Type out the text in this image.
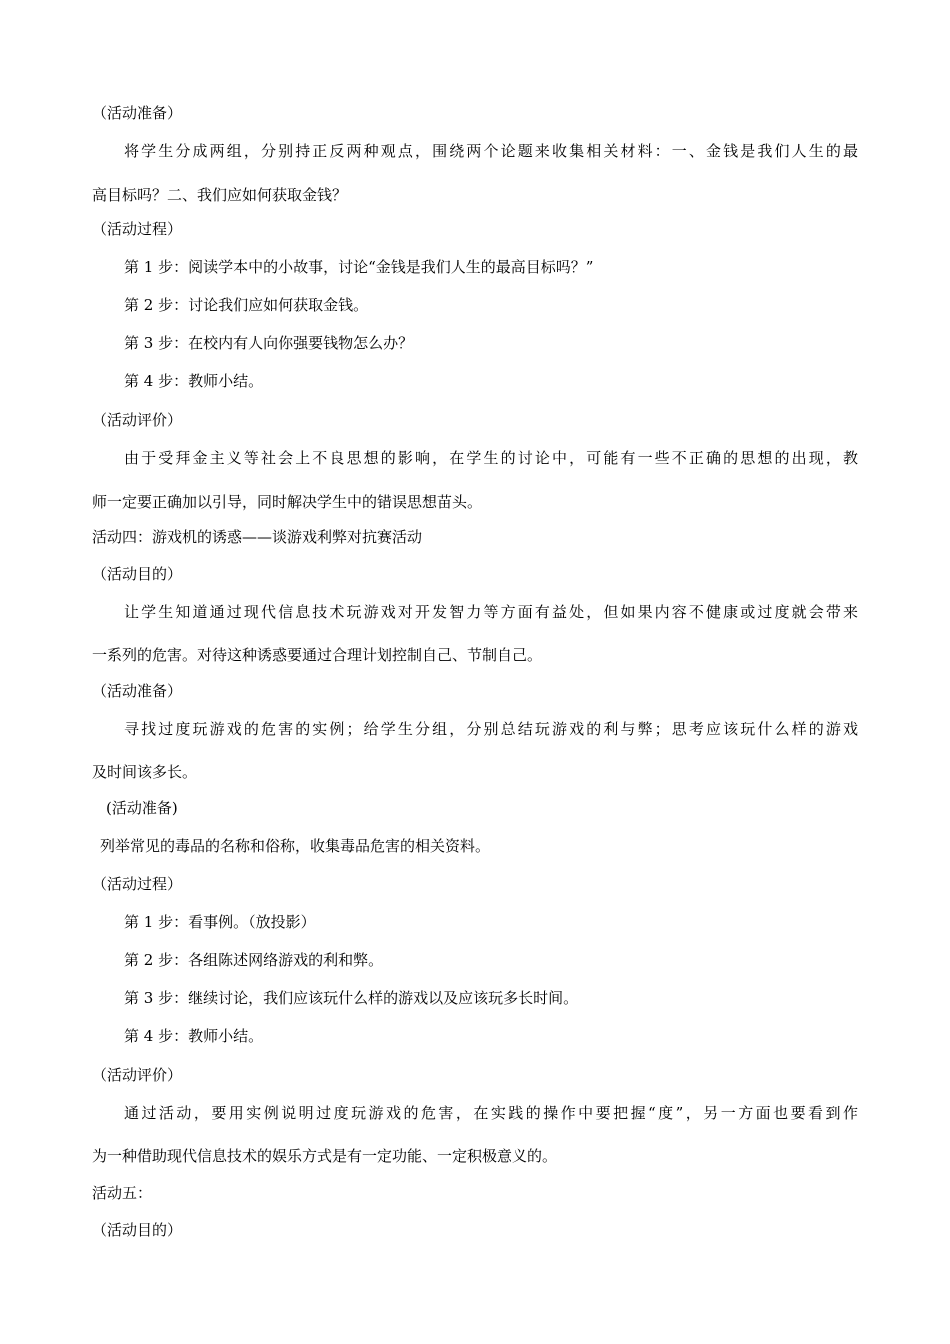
（活动准备）
将学生分成两组，分别持正反两种观点，围绕两个论题来收集相关材料：一、金钱是我们人生的最
高目标吗？二、我们应如何获取金钱？
（活动过程）
第 1 步：阅读学本中的小故事，讨论“金钱是我们人生的最高目标吗？”
第 2 步：讨论我们应如何获取金钱。
第 3 步：在校内有人向你强要钱物怎么办？
第 4 步：教师小结。
（活动评价）
由于受拜金主义等社会上不良思想的影响，在学生的讨论中，可能有一些不正确的思想的出现，教
师一定要正确加以引导，同时解决学生中的错误思想苗头。
活动四：游戏机的诱惑——谈游戏利弊对抗赛活动
（活动目的）
让学生知道通过现代信息技术玩游戏对开发智力等方面有益处，但如果内容不健康或过度就会带来
一系列的危害。对待这种诱惑要通过合理计划控制自己、节制自己。
（活动准备）
寻找过度玩游戏的危害的实例；给学生分组，分别总结玩游戏的利与弊；思考应该玩什么样的游戏
及时间该多长。
(活动准备)
列举常见的毒品的名称和俗称，收集毒品危害的相关资料。
（活动过程）
第 1 步：看事例。（放投影）
第 2 步：各组陈述网络游戏的利和弊。
第 3 步：继续讨论，我们应该玩什么样的游戏以及应该玩多长时间。
第 4 步：教师小结。
（活动评价）
通过活动，要用实例说明过度玩游戏的危害，在实践的操作中要把握“度”，另一方面也要看到作
为一种借助现代信息技术的娱乐方式是有一定功能、一定积极意义的。
活动五：
（活动目的）
